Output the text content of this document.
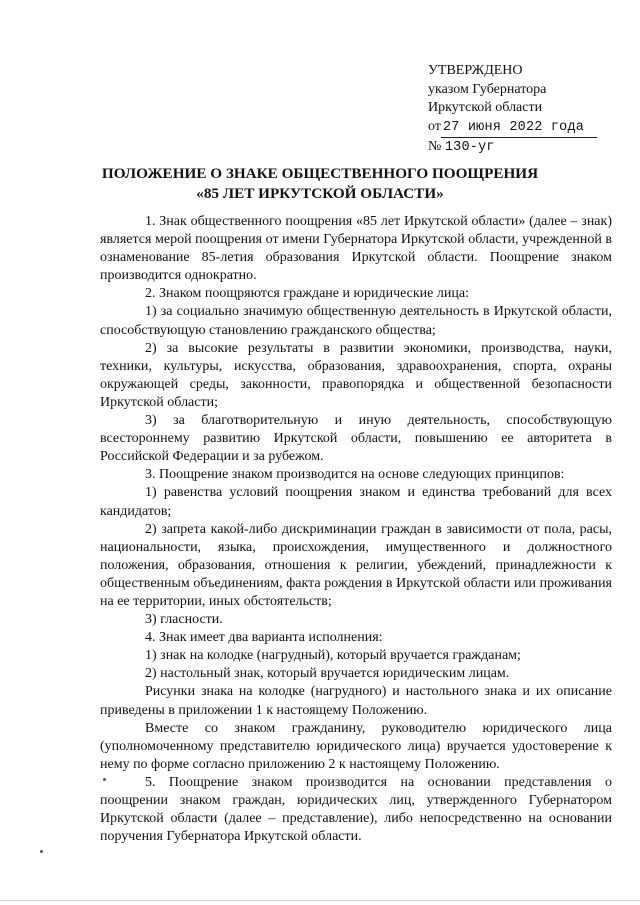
УТВЕРЖДЕНО
указом Губернатора
Иркутской области
от 27 июня 2022 года
№ 130-уг
ПОЛОЖЕНИЕ О ЗНАКЕ ОБЩЕСТВЕННОГО ПООЩРЕНИЯ
«85 ЛЕТ ИРКУТСКОЙ ОБЛАСТИ»

1. Знак общественного поощрения «85 лет Иркутской области» (далее – знак) является мерой поощрения от имени Губернатора Иркутской области, учрежденной в ознаменование 85-летия образования Иркутской области. Поощрение знаком производится однократно.

2. Знаком поощряются граждане и юридические лица:

1) за социально значимую общественную деятельность в Иркутской области, способствующую становлению гражданского общества;

2) за высокие результаты в развитии экономики, производства, науки, техники, культуры, искусства, образования, здравоохранения, спорта, охраны окружающей среды, законности, правопорядка и общественной безопасности Иркутской области;

3) за благотворительную и иную деятельность, способствующую всестороннему развитию Иркутской области, повышению ее авторитета в Российской Федерации и за рубежом.

3. Поощрение знаком производится на основе следующих принципов:

1) равенства условий поощрения знаком и единства требований для всех кандидатов;

2) запрета какой-либо дискриминации граждан в зависимости от пола, расы, национальности, языка, происхождения, имущественного и должностного положения, образования, отношения к религии, убеждений, принадлежности к общественным объединениям, факта рождения в Иркутской области или проживания на ее территории, иных обстоятельств;

3) гласности.

4. Знак имеет два варианта исполнения:

1) знак на колодке (нагрудный), который вручается гражданам;

2) настольный знак, который вручается юридическим лицам.

Рисунки знака на колодке (нагрудного) и настольного знака и их описание приведены в приложении 1 к настоящему Положению.

Вместе со знаком гражданину, руководителю юридического лица (уполномоченному представителю юридического лица) вручается удостоверение к нему по форме согласно приложению 2 к настоящему Положению.

5. Поощрение знаком производится на основании представления о поощрении знаком граждан, юридических лиц, утвержденного Губернатором Иркутской области (далее – представление), либо непосредственно на основании поручения Губернатора Иркутской области.
